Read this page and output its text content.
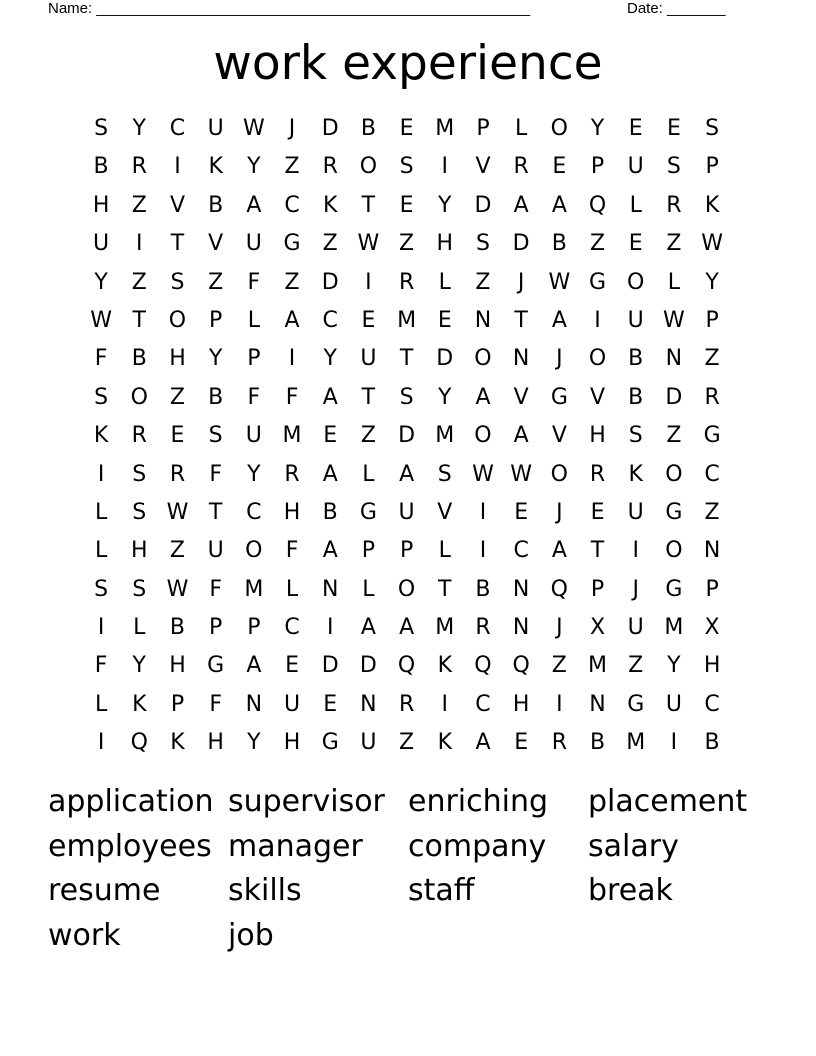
Name: ____________________________________________________	Date: _______
work experience
S	Y	C	U W	J	D	B	E M	P	L	O	Y	E	E	S
B	R	I	K	Y	Z	R O	S	I	V	R	E	P	U	S	P
H	Z	V	B	A	C	K	T	E	Y	D	A	A Q	L	R	K
U	I	T	V	U G	Z W Z	H	S	D	B	Z	E	Z W
Y	Z	S	Z	F	Z	D	I	R	L	Z	J	W G O	L	Y
W T	O	P	L	A	C	E M E	N	T	A	I	U W P
F	B	H	Y	P	I	Y	U	T	D O N	J	O B	N	Z
S	O Z	B	F	F	A	T	S	Y	A	V	G	V	B	D	R
K	R	E	S	U M E	Z	D M O	A	V	H	S	Z	G
I	S	R	F	Y	R	A	L	A	S W W O R	K	O C
L	S W T	C	H	B	G U	V	I	E	J	E	U G	Z
L	H	Z	U O	F	A	P	P	L	I	C	A	T	I	O N
S	S W F	M	L	N	L	O	T	B	N Q	P	J	G	P
I	L	B	P	P	C	I	A	A M R	N	J	X	U M X
F	Y	H G	A	E	D D Q	K	Q Q Z M Z	Y	H
L	K	P	F	N U	E	N	R	I	C	H	I	N G U	C
I	Q	K	H	Y	H G U	Z	K	A	E	R	B M	I	B
application supervisor enriching	placement
employees manager	company	salary
resume	skills	staff	break
work	job
